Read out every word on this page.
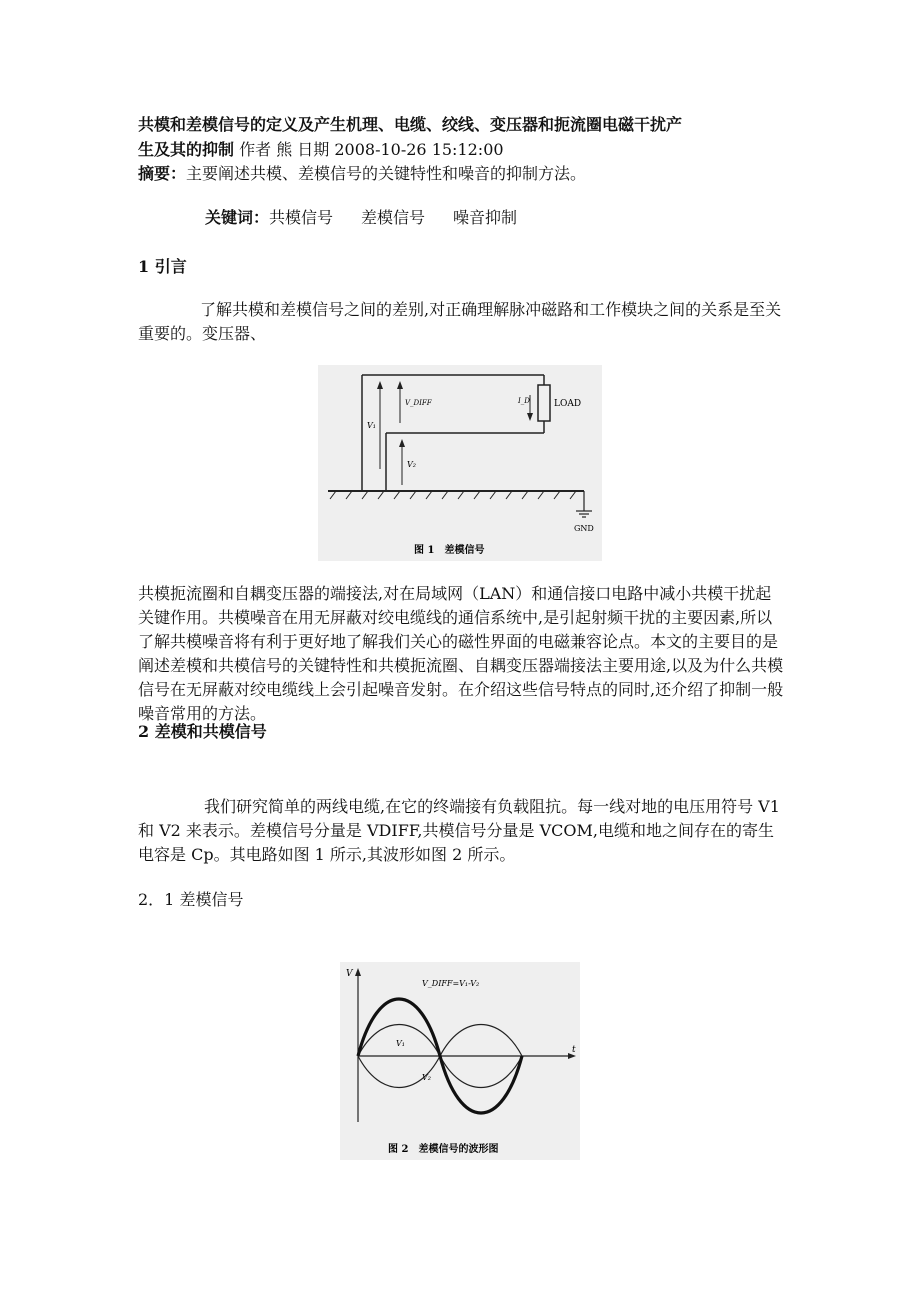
共模和差模信号的定义及产生机理、电缆、绞线、变压器和扼流圈电磁干扰产
生及其的抑制 作者 熊 日期 2008-10-26 15:12:00
摘要：主要阐述共模、差模信号的关键特性和噪音的抑制方法。
关键词：共模信号 差模信号 噪音抑制
1 引言

了解共模和差模信号之间的差别,对正确理解脉冲磁路和工作模块之间的关系是至关重要的。变压器、

V₁
V_DIFF
V₂
I_D	LOAD
GND
图 1　差模信号

共模扼流圈和自耦变压器的端接法,对在局域网（LAN）和通信接口电路中减小共模干扰起关键作用。共模噪音在用无屏蔽对绞电缆线的通信系统中,是引起射频干扰的主要因素,所以了解共模噪音将有利于更好地了解我们关心的磁性界面的电磁兼容论点。本文的主要目的是阐述差模和共模信号的关键特性和共模扼流圈、自耦变压器端接法主要用途,以及为什么共模信号在无屏蔽对绞电缆线上会引起噪音发射。在介绍这些信号特点的同时,还介绍了抑制一般噪音常用的方法。

2 差模和共模信号

我们研究简单的两线电缆,在它的终端接有负载阻抗。每一线对地的电压用符号 V1 和 V2 来表示。差模信号分量是 VDIFF,共模信号分量是 VCOM,电缆和地之间存在的寄生电容是 Cp。其电路如图 1 所示,其波形如图 2 所示。

2．1 差模信号
V
t
V_DIFF=V₁-V₂
V₁
V₂
图 2　差模信号的波形图
